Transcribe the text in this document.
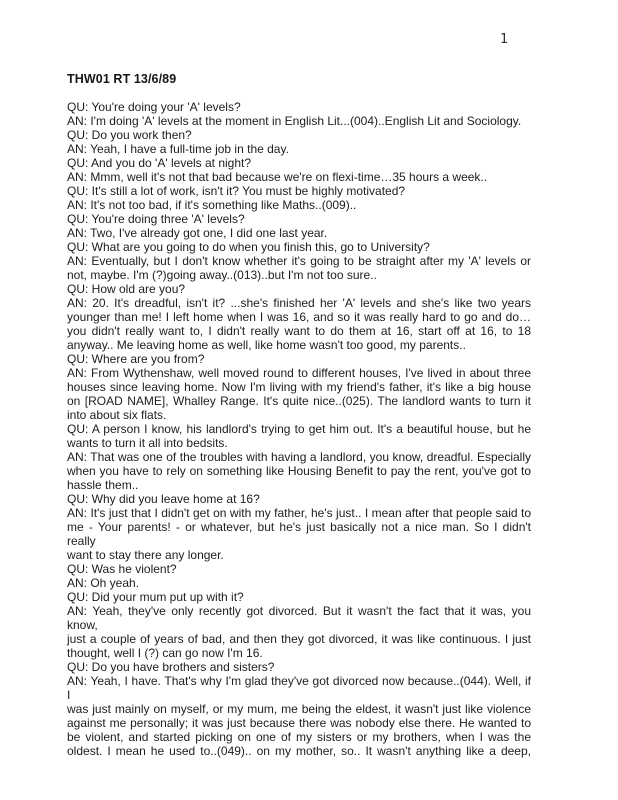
1
THW01 RT 13/6/89
QU: You're doing your 'A' levels?
AN: I'm doing 'A' levels at the moment in English Lit...(004)..English Lit and Sociology.
QU: Do you work then?
AN: Yeah, I have a full-time job in the day.
QU: And you do 'A' levels at night?
AN: Mmm, well it's not that bad because we're on flexi-time…35 hours a week..
QU: It's still a lot of work, isn't it? You must be highly motivated?
AN: It's not too bad, if it's something like Maths..(009)..
QU: You're doing three 'A' levels?
AN: Two, I've already got one, I did one last year.
QU: What are you going to do when you finish this, go to University?
AN: Eventually, but I don't know whether it's going to be straight after my 'A' levels or
not, maybe. I'm (?)going away..(013)..but I'm not too sure..
QU: How old are you?
AN: 20. It's dreadful, isn't it? ...she's finished her 'A' levels and she's like two years
younger than me! I left home when I was 16, and so it was really hard to go and do…
you didn't really want to, I didn't really want to do them at 16, start off at 16, to 18
anyway.. Me leaving home as well, like home wasn't too good, my parents..
QU: Where are you from?
AN: From Wythenshaw, well moved round to different houses, I've lived in about three
houses since leaving home. Now I'm living with my friend's father, it's like a big house
on [ROAD NAME], Whalley Range. It's quite nice..(025). The landlord wants to turn it
into about six flats.
QU: A person I know, his landlord's trying to get him out. It's a beautiful house, but he
wants to turn it all into bedsits.
AN: That was one of the troubles with having a landlord, you know, dreadful. Especially
when you have to rely on something like Housing Benefit to pay the rent, you've got to
hassle them..
QU: Why did you leave home at 16?
AN: It's just that I didn't get on with my father, he's just.. I mean after that people said to
me - Your parents! - or whatever, but he's just basically not a nice man. So I didn't really
want to stay there any longer.
QU: Was he violent?
AN: Oh yeah.
QU: Did your mum put up with it?
AN: Yeah, they've only recently got divorced. But it wasn't the fact that it was, you know,
just a couple of years of bad, and then they got divorced, it was like continuous. I just
thought, well I (?) can go now I'm 16.
QU: Do you have brothers and sisters?
AN: Yeah, I have. That's why I'm glad they've got divorced now because..(044). Well, if I
was just mainly on myself, or my mum, me being the eldest, it wasn't just like violence
against me personally; it was just because there was nobody else there. He wanted to
be violent, and started picking on one of my sisters or my brothers, when I was the
oldest. I mean he used to..(049).. on my mother, so.. It wasn't anything like a deep,
